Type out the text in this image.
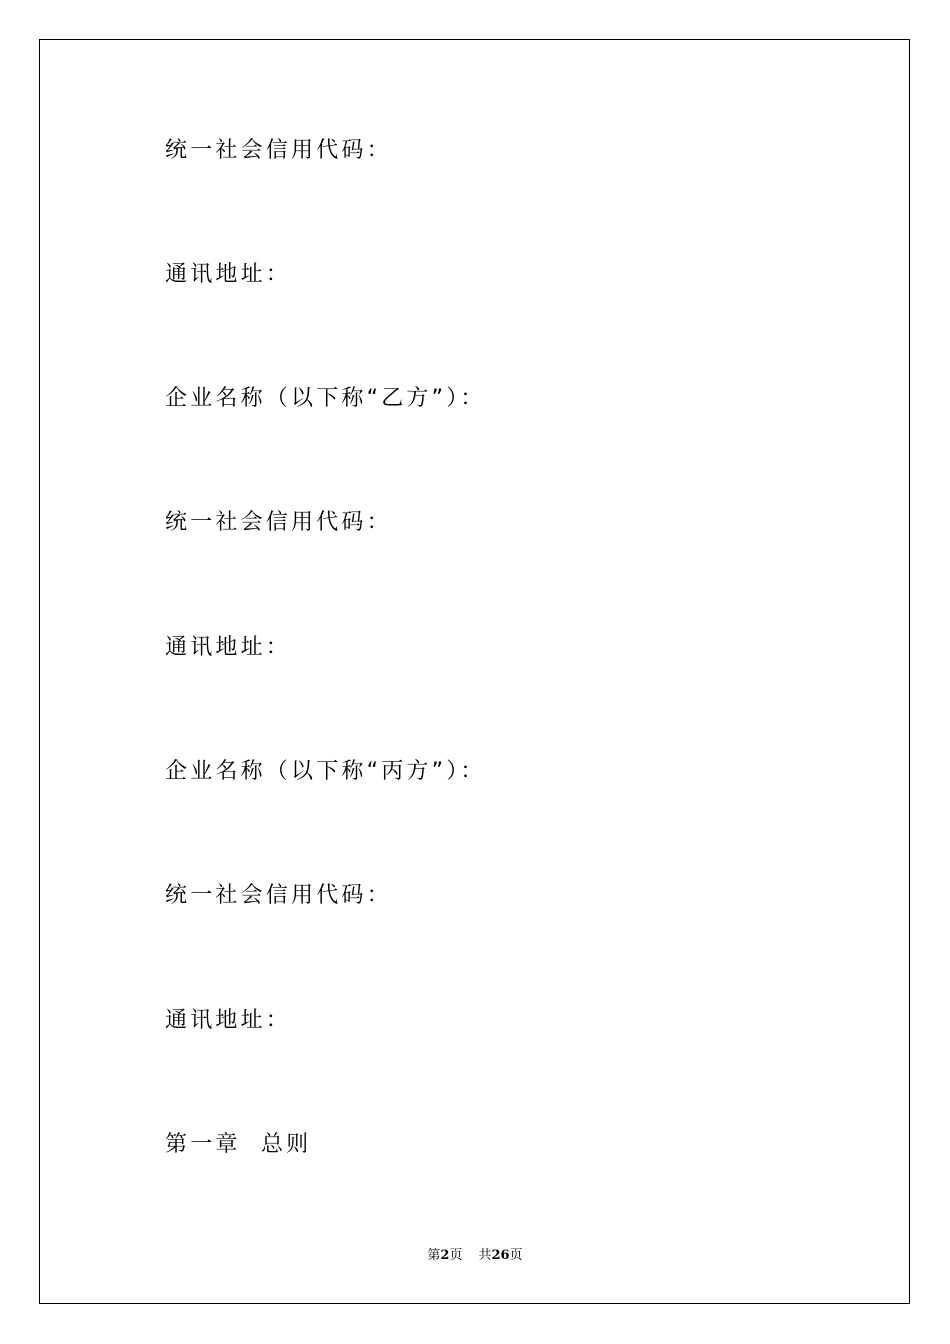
统一社会信用代码：
通讯地址：
企业名称（以下称“乙方”）：
统一社会信用代码：
通讯地址：
企业名称（以下称“丙方”）：
统一社会信用代码：
通讯地址：
第一章  总则
第2页 共26页
